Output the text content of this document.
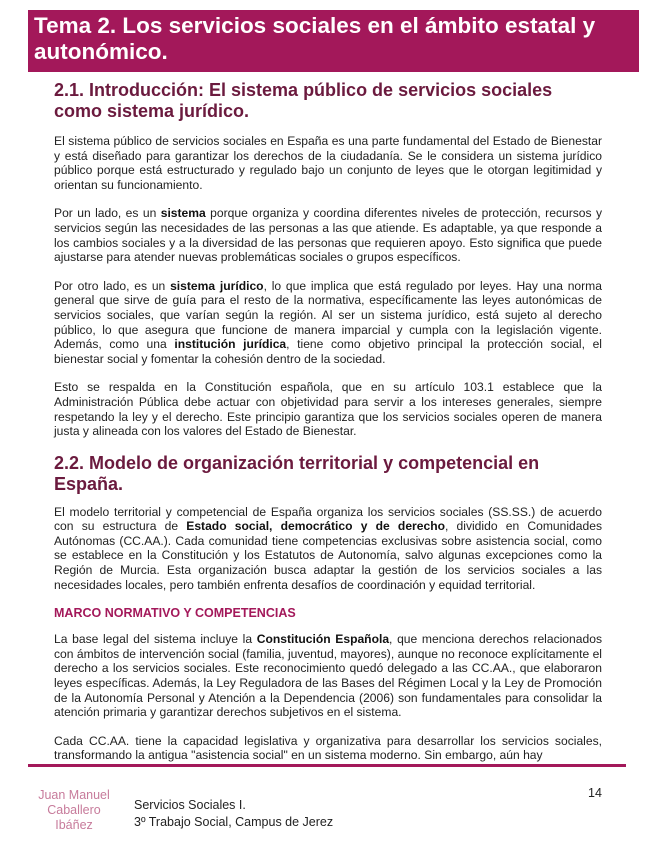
Tema 2. Los servicios sociales en el ámbito estatal y autonómico.
2.1. Introducción: El sistema público de servicios sociales como sistema jurídico.

El sistema público de servicios sociales en España es una parte fundamental del Estado de Bienestar y está diseñado para garantizar los derechos de la ciudadanía. Se le considera un sistema jurídico público porque está estructurado y regulado bajo un conjunto de leyes que le otorgan legitimidad y orientan su funcionamiento.

Por un lado, es un sistema porque organiza y coordina diferentes niveles de protección, recursos y servicios según las necesidades de las personas a las que atiende. Es adaptable, ya que responde a los cambios sociales y a la diversidad de las personas que requieren apoyo. Esto significa que puede ajustarse para atender nuevas problemáticas sociales o grupos específicos.

Por otro lado, es un sistema jurídico, lo que implica que está regulado por leyes. Hay una norma general que sirve de guía para el resto de la normativa, específicamente las leyes autonómicas de servicios sociales, que varían según la región. Al ser un sistema jurídico, está sujeto al derecho público, lo que asegura que funcione de manera imparcial y cumpla con la legislación vigente. Además, como una institución jurídica, tiene como objetivo principal la protección social, el bienestar social y fomentar la cohesión dentro de la sociedad.

Esto se respalda en la Constitución española, que en su artículo 103.1 establece que la Administración Pública debe actuar con objetividad para servir a los intereses generales, siempre respetando la ley y el derecho. Este principio garantiza que los servicios sociales operen de manera justa y alineada con los valores del Estado de Bienestar.

2.2. Modelo de organización territorial y competencial en España.

El modelo territorial y competencial de España organiza los servicios sociales (SS.SS.) de acuerdo con su estructura de Estado social, democrático y de derecho, dividido en Comunidades Autónomas (CC.AA.). Cada comunidad tiene competencias exclusivas sobre asistencia social, como se establece en la Constitución y los Estatutos de Autonomía, salvo algunas excepciones como la Región de Murcia. Esta organización busca adaptar la gestión de los servicios sociales a las necesidades locales, pero también enfrenta desafíos de coordinación y equidad territorial.

MARCO NORMATIVO Y COMPETENCIAS

La base legal del sistema incluye la Constitución Española, que menciona derechos relacionados con ámbitos de intervención social (familia, juventud, mayores), aunque no reconoce explícitamente el derecho a los servicios sociales. Este reconocimiento quedó delegado a las CC.AA., que elaboraron leyes específicas. Además, la Ley Reguladora de las Bases del Régimen Local y la Ley de Promoción de la Autonomía Personal y Atención a la Dependencia (2006) son fundamentales para consolidar la atención primaria y garantizar derechos subjetivos en el sistema.

Cada CC.AA. tiene la capacidad legislativa y organizativa para desarrollar los servicios sociales, transformando la antigua "asistencia social" en un sistema moderno. Sin embargo, aún hay

14
Juan Manuel
Caballero
Ibáñez
Servicios Sociales I.
3º Trabajo Social, Campus de Jerez
